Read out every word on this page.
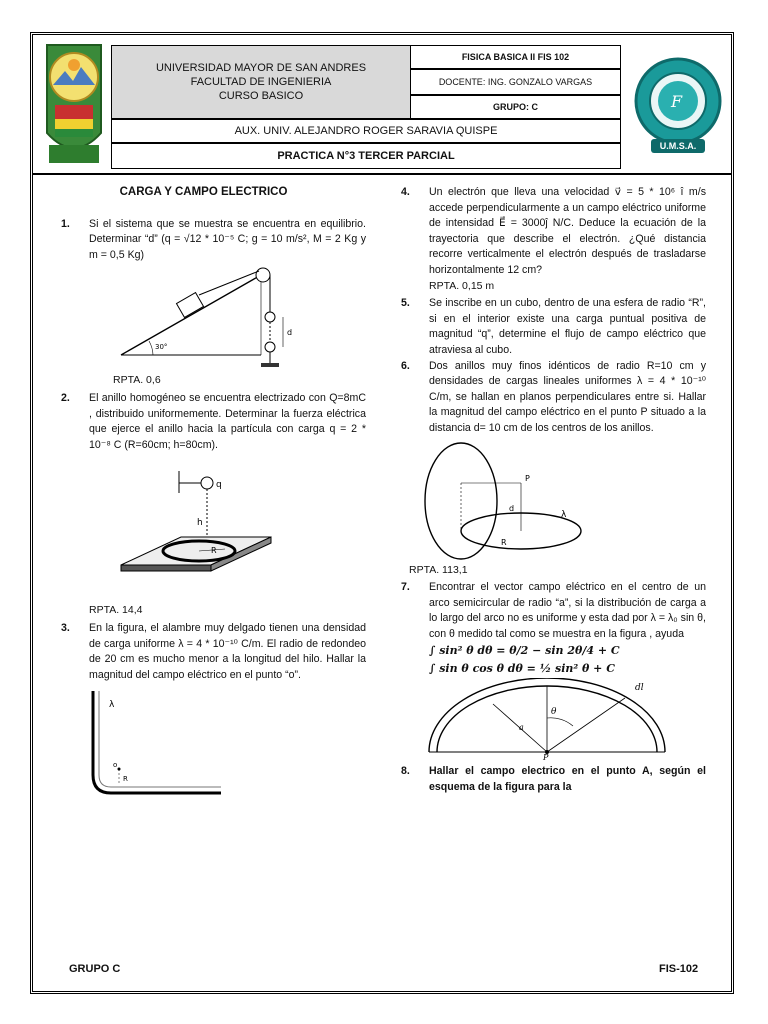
UNIVERSIDAD MAYOR DE SAN ANDRES
FACULTAD DE INGENIERIA
CURSO BASICO
FISICA BASICA II FIS 102
DOCENTE: ING. GONZALO VARGAS
GRUPO: C
AUX. UNIV. ALEJANDRO ROGER SARAVIA QUISPE
PRACTICA N°3 TERCER PARCIAL
F
U.M.S.A.
CARGA Y CAMPO ELECTRICO
1. Si el sistema que se muestra se encuentra en equilibrio. Determinar “d” (q = √12 * 10⁻⁵ C; g = 10 m/s², M = 2 Kg y m = 0,5 Kg)
d
30°
RPTA. 0,6
2. El anillo homogéneo se encuentra electrizado con Q=8mC , distribuido uniformemente. Determinar la fuerza eléctrica que ejerce el anillo hacia la partícula con carga q = 2 * 10⁻⁸ C (R=60cm; h=80cm).
q
h
R
RPTA. 14,4
3. En la figura, el alambre muy delgado tienen una densidad de carga uniforme λ = 4 * 10⁻¹⁰ C/m. El radio de redondeo de 20 cm es mucho menor a la longitud del hilo. Hallar la magnitud del campo eléctrico en el punto “o”.
λ
o
R
4. Un electrón que lleva una velocidad v⃗ = 5 * 10⁶ î m/s accede perpendicularmente a un campo eléctrico uniforme de intensidad E⃗ = 3000ĵ N/C. Deduce la ecuación de la trayectoria que describe el electrón. ¿Qué distancia recorre verticalmente el electrón después de trasladarse horizontalmente 12 cm?
RPTA. 0,15 m
5. Se inscribe en un cubo, dentro de una esfera de radio “R”, si en el interior existe una carga puntual positiva de magnitud “q”, determine el flujo de campo eléctrico que atraviesa al cubo.
6. Dos anillos muy finos idénticos de radio R=10 cm y densidades de cargas lineales uniformes λ = 4 * 10⁻¹⁰ C/m, se hallan en planos perpendiculares entre si. Hallar la magnitud del campo eléctrico en el punto P situado a la distancia d= 10 cm de los centros de los anillos.
P
d
λ
R
RPTA. 113,1
7. Encontrar el vector campo eléctrico en el centro de un arco semicircular de radio “a”, si la distribución de carga a lo largo del arco no es uniforme y esta dad por λ = λ₀ sin θ, con θ medido tal como se muestra en la figura , ayuda
∫ sin² θ dθ = θ/2 − sin 2θ/4 + C
∫ sin θ cos θ dθ = ½ sin² θ + C
θ
a
dl
P
8. Hallar el campo electrico en el punto A, según el esquema de la figura para la
GRUPO C	FIS-102
